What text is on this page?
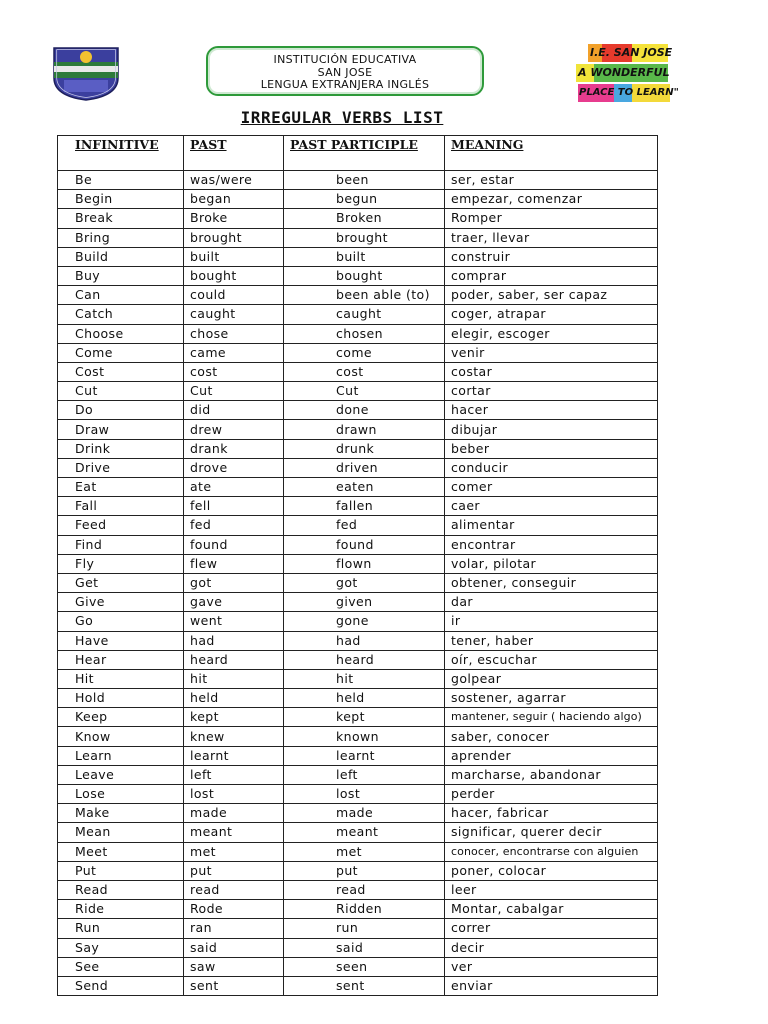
INSTITUCIÓN EDUCATIVA
SAN JOSE
LENGUA EXTRANJERA INGLÉS
I.E. SAN JOSE
A WONDERFUL
PLACE TO LEARN"
IRREGULAR VERBS LIST
INFINITIVE	PAST	PAST PARTICIPLE	MEANING
Be	was/were	been	ser, estar
Begin	began	begun	empezar, comenzar
Break	Broke	Broken	Romper
Bring	brought	brought	traer, llevar
Build	built	built	construir
Buy	bought	bought	comprar
Can	could	been able (to)	poder, saber, ser capaz
Catch	caught	caught	coger, atrapar
Choose	chose	chosen	elegir, escoger
Come	came	come	venir
Cost	cost	cost	costar
Cut	Cut	Cut	cortar
Do	did	done	hacer
Draw	drew	drawn	dibujar
Drink	drank	drunk	beber
Drive	drove	driven	conducir
Eat	ate	eaten	comer
Fall	fell	fallen	caer
Feed	fed	fed	alimentar
Find	found	found	encontrar
Fly	flew	flown	volar, pilotar
Get	got	got	obtener, conseguir
Give	gave	given	dar
Go	went	gone	ir
Have	had	had	tener, haber
Hear	heard	heard	oír, escuchar
Hit	hit	hit	golpear
Hold	held	held	sostener, agarrar
Keep	kept	kept	mantener, seguir ( haciendo algo)
Know	knew	known	saber, conocer
Learn	learnt	learnt	aprender
Leave	left	left	marcharse, abandonar
Lose	lost	lost	perder
Make	made	made	hacer, fabricar
Mean	meant	meant	significar, querer decir
Meet	met	met	conocer, encontrarse con alguien
Put	put	put	poner, colocar
Read	read	read	leer
Ride	Rode	Ridden	Montar, cabalgar
Run	ran	run	correr
Say	said	said	decir
See	saw	seen	ver
Send	sent	sent	enviar
